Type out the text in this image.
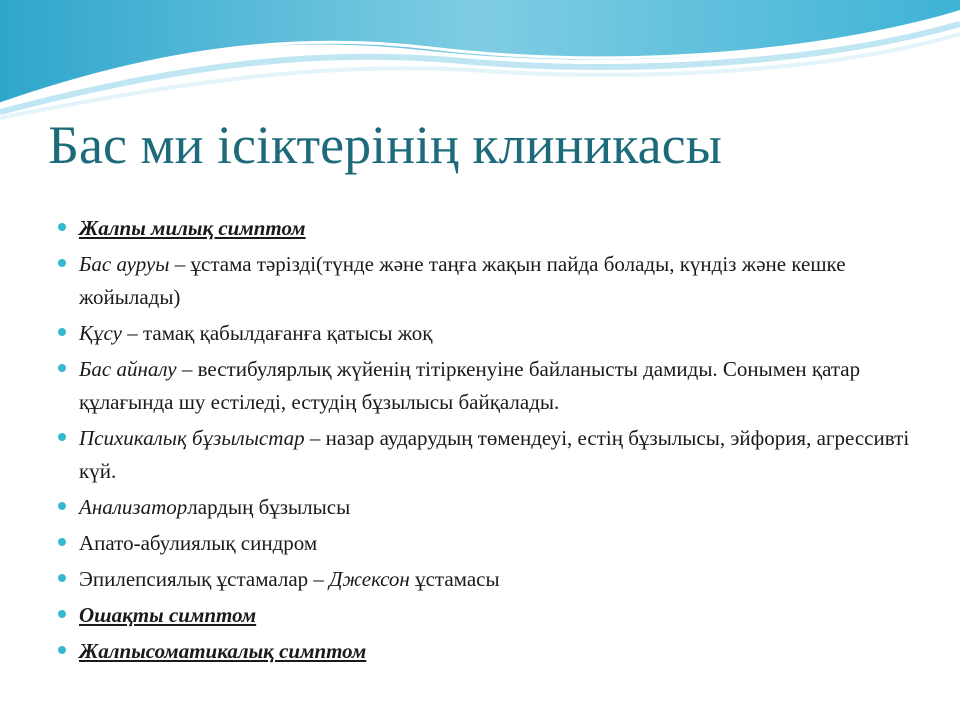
Бас ми ісіктерінің клиникасы
Жалпы милық симптом
Бас ауруы – ұстама тәрізді(түнде және таңға жақын пайда болады, күндіз және кешке жойылады)
Құсу – тамақ қабылдағанға қатысы жоқ
Бас айналу – вестибулярлық жүйенің тітіркенуіне байланысты дамиды. Сонымен қатар құлағында шу естіледі, естудің бұзылысы байқалады.
Психикалық бұзылыстар – назар аударудың төмендеуі, естің бұзылысы, эйфория, агрессивті күй.
Анализаторлардың бұзылысы
Апато-абулиялық синдром
Эпилепсиялық ұстамалар – Джексон ұстамасы
Ошақты симптом
Жалпысоматикалық симптом
